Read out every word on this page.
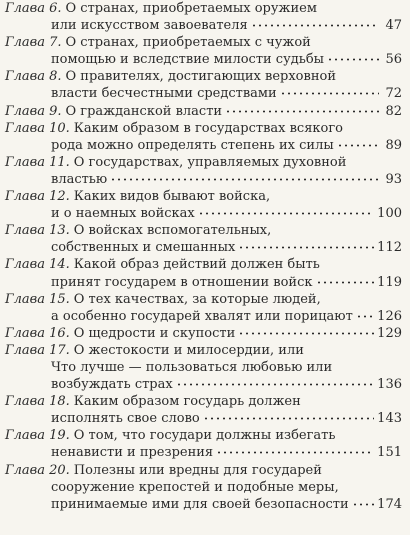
Глава 6. О странах, приобретаемых оружием
или искусством завоевателя	47
Глава 7. О странах, приобретаемых с чужой
помощью и вследствие милости судьбы	56
Глава 8. О правителях, достигающих верховной
власти бесчестными средствами	72
Глава 9. О гражданской власти	82
Глава 10. Каким образом в государствах всякого
рода можно определять степень их силы	89
Глава 11. О государствах, управляемых духовной
властью	93
Глава 12. Каких видов бывают войска,
и о наемных войсках	100
Глава 13. О войсках вспомогательных,
собственных и смешанных	112
Глава 14. Какой образ действий должен быть
принят государем в отношении войск	119
Глава 15. О тех качествах, за которые людей,
а особенно государей хвалят или порицают 126
Глава 16. О щедрости и скупости	129
Глава 17. О жестокости и милосердии, или
Что лучше — пользоваться любовью или
возбуждать страх	136
Глава 18. Каким образом государь должен
исполнять свое слово	143
Глава 19. О том, что государи должны избегать
ненависти и презрения	151
Глава 20. Полезны или вредны для государей
сооружение крепостей и подобные меры,
принимаемые ими для своей безопасности 174
